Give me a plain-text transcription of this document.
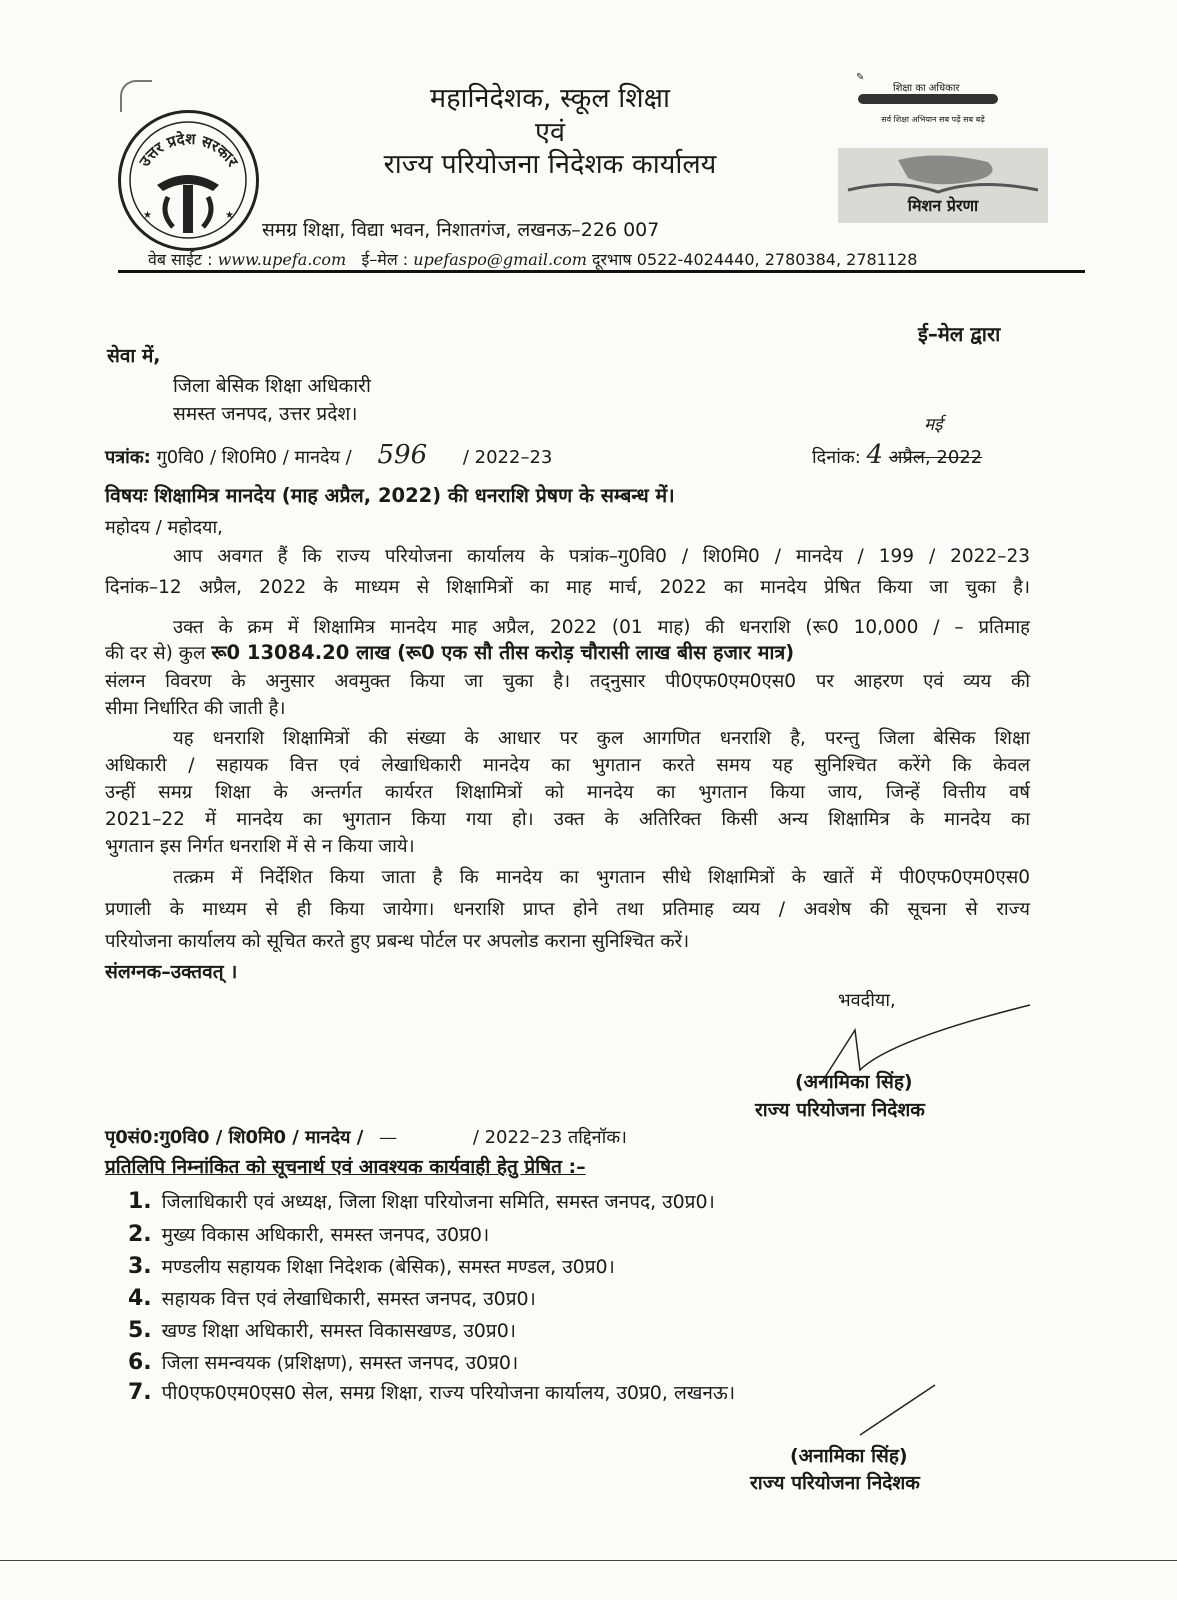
उत्तर प्रदेश सरकार
★	★
महानिदेशक, स्कूल शिक्षा
एवं
राज्य परियोजना निदेशक कार्यालय
✎
शिक्षा का अधिकार
सर्व शिक्षा अभियान सब पढ़ें सब बढ़ें
मिशन प्रेरणा
समग्र शिक्षा, विद्या भवन, निशातगंज, लखनऊ–226 007
वेब साईट : www.upefa.com ई–मेल : upefaspo@gmail.com दूरभाष 0522-4024440, 2780384, 2781128
ई–मेल द्वारा
सेवा में,
जिला बेसिक शिक्षा अधिकारी
समस्त जनपद, उत्तर प्रदेश।
पत्रांक: गु0वि0 / शि0मि0 / मानदेय / 596 / 2022–23	दिनांक: 4 अप्रैल, 2022
मई
विषयः शिक्षामित्र मानदेय (माह अप्रैल, 2022) की धनराशि प्रेषण के सम्बन्ध में।
महोदय / महोदया,
आप अवगत हैं कि राज्य परियोजना कार्यालय के पत्रांक–गु0वि0 / शि0मि0 / मानदेय / 199 / 2022–23
दिनांक–12 अप्रैल, 2022 के माध्यम से शिक्षामित्रों का माह मार्च, 2022 का मानदेय प्रेषित किया जा चुका है।
उक्त के क्रम में शिक्षामित्र मानदेय माह अप्रैल, 2022 (01 माह) की धनराशि (रू0 10,000 / – प्रतिमाह
की दर से) कुल रू0 13084.20 लाख (रू0 एक सौ तीस करोड़ चौरासी लाख बीस हजार मात्र)
संलग्न विवरण के अनुसार अवमुक्त किया जा चुका है। तद्नुसार पी0एफ0एम0एस0 पर आहरण एवं व्यय की
सीमा निर्धारित की जाती है।
यह धनराशि शिक्षामित्रों की संख्या के आधार पर कुल आगणित धनराशि है, परन्तु जिला बेसिक शिक्षा
अधिकारी / सहायक वित्त एवं लेखाधिकारी मानदेय का भुगतान करते समय यह सुनिश्चित करेंगे कि केवल
उन्हीं समग्र शिक्षा के अन्तर्गत कार्यरत शिक्षामित्रों को मानदेय का भुगतान किया जाय, जिन्हें वित्तीय वर्ष
2021–22 में मानदेय का भुगतान किया गया हो। उक्त के अतिरिक्त किसी अन्य शिक्षामित्र के मानदेय का
भुगतान इस निर्गत धनराशि में से न किया जाये।
तत्क्रम में निर्देशित किया जाता है कि मानदेय का भुगतान सीधे शिक्षामित्रों के खातें में पी0एफ0एम0एस0
प्रणाली के माध्यम से ही किया जायेगा। धनराशि प्राप्त होने तथा प्रतिमाह व्यय / अवशेष की सूचना से राज्य
परियोजना कार्यालय को सूचित करते हुए प्रबन्ध पोर्टल पर अपलोड कराना सुनिश्चित करें।
संलग्नक–उक्तवत् ।
भवदीया,
(अनामिका सिंह)
राज्य परियोजना निदेशक
पृ0सं0:गु0वि0 / शि0मि0 / मानदेय / —	/ 2022–23 तद्दिनॉक।
प्रतिलिपि निम्नांकित को सूचनार्थ एवं आवश्यक कार्यवाही हेतु प्रेषित :–
1. जिलाधिकारी एवं अध्यक्ष, जिला शिक्षा परियोजना समिति, समस्त जनपद, उ0प्र0।
2. मुख्य विकास अधिकारी, समस्त जनपद, उ0प्र0।
3. मण्डलीय सहायक शिक्षा निदेशक (बेसिक), समस्त मण्डल, उ0प्र0।
4. सहायक वित्त एवं लेखाधिकारी, समस्त जनपद, उ0प्र0।
5. खण्ड शिक्षा अधिकारी, समस्त विकासखण्ड, उ0प्र0।
6. जिला समन्वयक (प्रशिक्षण), समस्त जनपद, उ0प्र0।
7. पी0एफ0एम0एस0 सेल, समग्र शिक्षा, राज्य परियोजना कार्यालय, उ0प्र0, लखनऊ।
(अनामिका सिंह)
राज्य परियोजना निदेशक
